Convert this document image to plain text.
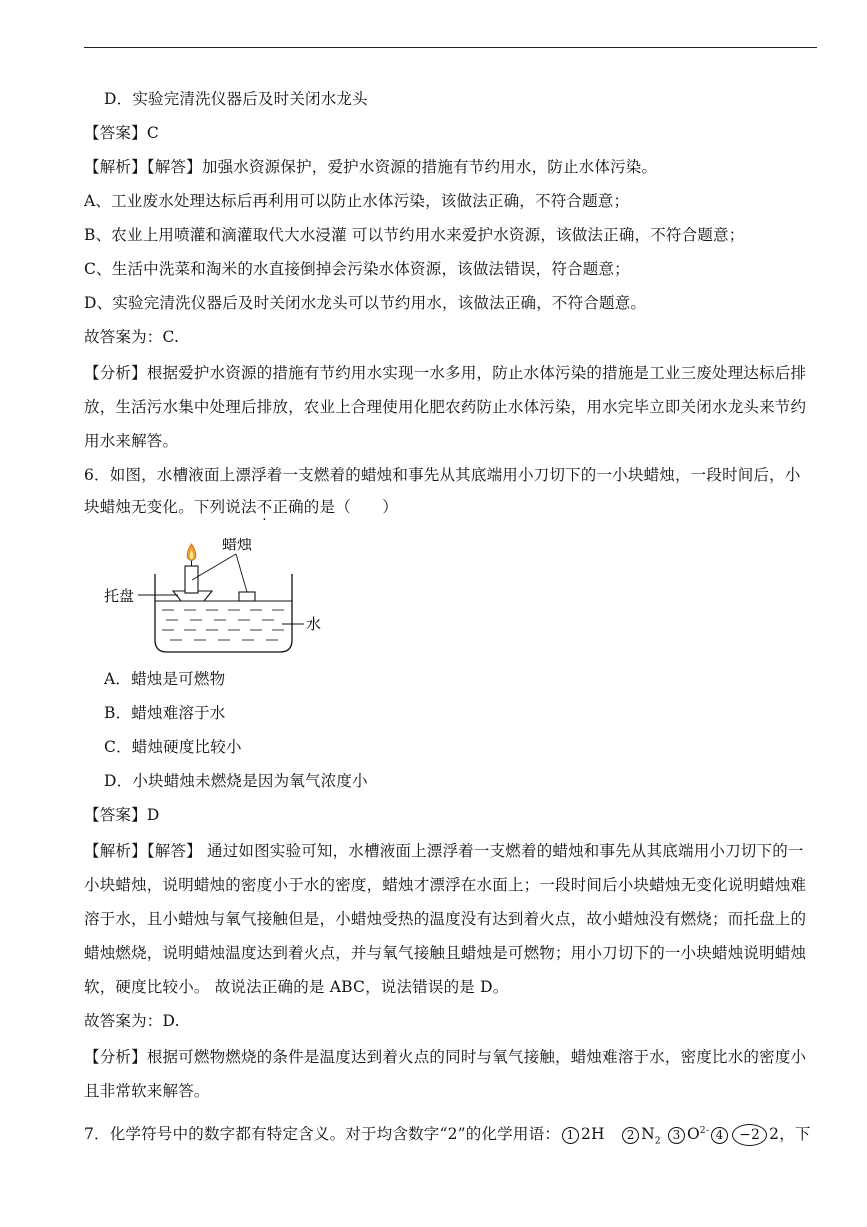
D．实验完清洗仪器后及时关闭水龙头
【答案】C
【解析】【解答】加强水资源保护，爱护水资源的措施有节约用水，防止水体污染。
A、工业废水处理达标后再利用可以防止水体污染，该做法正确，不符合题意；
B、农业上用喷灌和滴灌取代大水浸灌 可以节约用水来爱护水资源，该做法正确，不符合题意；
C、生活中洗菜和淘米的水直接倒掉会污染水体资源，该做法错误，符合题意；
D、实验完清洗仪器后及时关闭水龙头可以节约用水，该做法正确，不符合题意。
故答案为：C.
【分析】根据爱护水资源的措施有节约用水实现一水多用，防止水体污染的措施是工业三废处理达标后排
放，生活污水集中处理后排放，农业上合理使用化肥农药防止水体污染，用水完毕立即关闭水龙头来节约
用水来解答。
6．如图，水槽液面上漂浮着一支燃着的蜡烛和事先从其底端用小刀切下的一小块蜡烛，一段时间后，小
块蜡烛无变化。下列说法不正确的是（　　）
蜡烛
托盘
水
A．蜡烛是可燃物
B．蜡烛难溶于水
C．蜡烛硬度比较小
D．小块蜡烛未燃烧是因为氧气浓度小
【答案】D
【解析】【解答】 通过如图实验可知，水槽液面上漂浮着一支燃着的蜡烛和事先从其底端用小刀切下的一
小块蜡烛，说明蜡烛的密度小于水的密度，蜡烛才漂浮在水面上；一段时间后小块蜡烛无变化说明蜡烛难
溶于水，且小蜡烛与氧气接触但是，小蜡烛受热的温度没有达到着火点，故小蜡烛没有燃烧；而托盘上的
蜡烛燃烧，说明蜡烛温度达到着火点，并与氧气接触且蜡烛是可燃物；用小刀切下的一小块蜡烛说明蜡烛
软，硬度比较小。 故说法正确的是 ABC，说法错误的是 D。
故答案为：D.
【分析】根据可燃物燃烧的条件是温度达到着火点的同时与氧气接触，蜡烛难溶于水，密度比水的密度小
且非常软来解答。
7．化学符号中的数字都有特定含义。对于均含数字“2”的化学用语： 1 2H 2 $N_2$ 3 $O^{2-}$ 4 −2 2，下
